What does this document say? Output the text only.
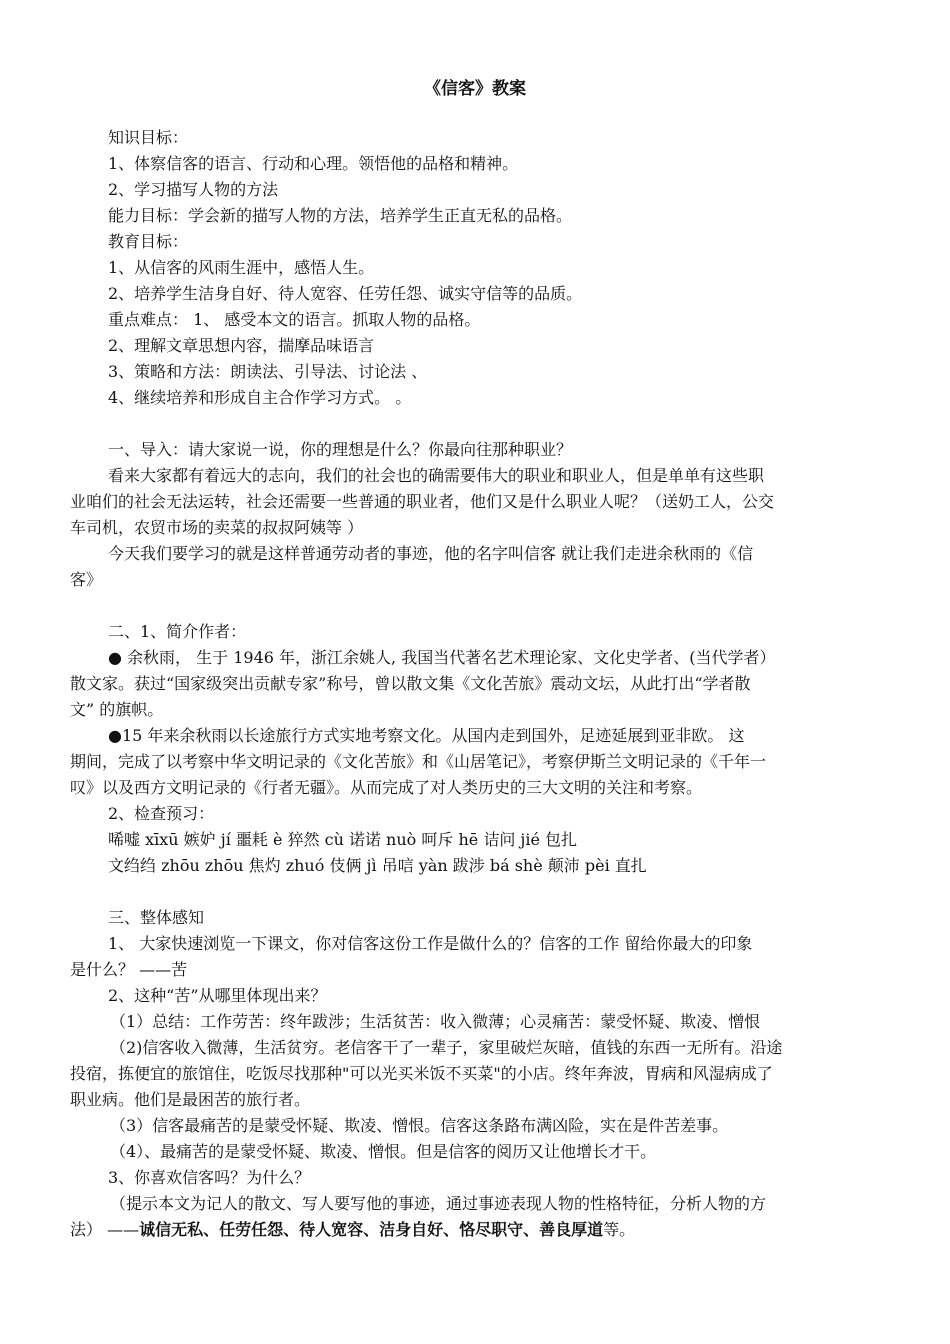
《信客》教案
知识目标：
1、体察信客的语言、行动和心理。领悟他的品格和精神。
2、学习描写人物的方法
能力目标：学会新的描写人物的方法，培养学生正直无私的品格。
教育目标：
1、从信客的风雨生涯中，感悟人生。
2、培养学生洁身自好、待人宽容、任劳任怨、诚实守信等的品质。
重点难点： 1、 感受本文的语言。抓取人物的品格。
2、理解文章思想内容，揣摩品味语言
3、策略和方法：朗读法、引导法、讨论法 、
4、继续培养和形成自主合作学习方式。 。
一、导入：请大家说一说，你的理想是什么？你最向往那种职业？
看来大家都有着远大的志向，我们的社会也的确需要伟大的职业和职业人，但是单单有这些职
业咱们的社会无法运转，社会还需要一些普通的职业者，他们又是什么职业人呢？（送奶工人，公交
车司机，农贸市场的卖菜的叔叔阿姨等 ）
今天我们要学习的就是这样普通劳动者的事迹，他的名字叫信客 就让我们走进余秋雨的《信
客》
二、1、简介作者：
● 余秋雨， 生于 1946 年，浙江余姚人, 我国当代著名艺术理论家、文化史学者、(当代学者）
散文家。获过“国家级突出贡献专家”称号，曾以散文集《文化苦旅》震动文坛，从此打出“学者散
文” 的旗帜。
●15 年来余秋雨以长途旅行方式实地考察文化。从国内走到国外，足迹延展到亚非欧。 这
期间，完成了以考察中华文明记录的《文化苦旅》和《山居笔记》，考察伊斯兰文明记录的《千年一
叹》以及西方文明记录的《行者无疆》。从而完成了对人类历史的三大文明的关注和考察。
2、检查预习：
唏嘘 xīxū 嫉妒 jí 噩耗 è 猝然 cù 诺诺 nuò 呵斥 hē 诘问 jié 包扎
文绉绉 zhōu zhōu 焦灼 zhuó 伎俩 jì 吊唁 yàn 跋涉 bá shè 颠沛 pèi 直扎
三、整体感知
1、 大家快速浏览一下课文，你对信客这份工作是做什么的？信客的工作 留给你最大的印象
是什么？ ——苦
2、这种“苦”从哪里体现出来？
（1）总结：工作劳苦：终年跋涉；生活贫苦：收入微薄；心灵痛苦：蒙受怀疑、欺凌、憎恨
（2)信客收入微薄，生活贫穷。老信客干了一辈子，家里破烂灰暗，值钱的东西一无所有。沿途
投宿，拣便宜的旅馆住，吃饭尽找那种"可以光买米饭不买菜"的小店。终年奔波，胃病和风湿病成了
职业病。他们是最困苦的旅行者。
（3）信客最痛苦的是蒙受怀疑、欺凌、憎恨。信客这条路布满凶险，实在是件苦差事。
（4）、最痛苦的是蒙受怀疑、欺凌、憎恨。但是信客的阅历又让他增长才干。
3、你喜欢信客吗？为什么？
（提示本文为记人的散文、写人要写他的事迹，通过事迹表现人物的性格特征，分析人物的方
法） ——诚信无私、任劳任怨、待人宽容、洁身自好、恪尽职守、善良厚道等。
